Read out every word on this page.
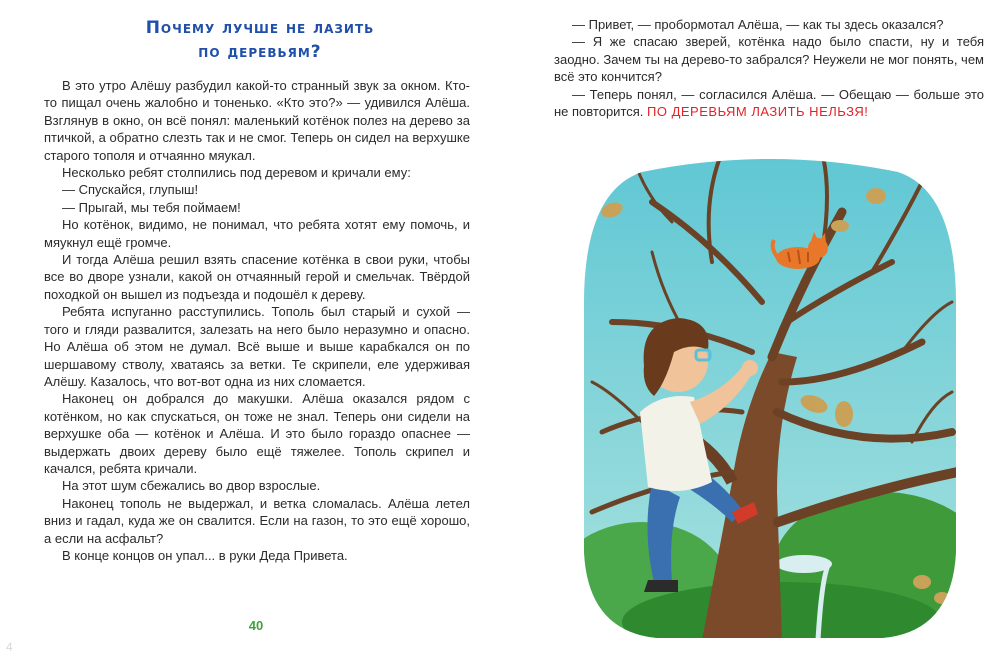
Почему лучше не лазить
по деревьям?

В это утро Алёшу разбудил какой-то странный звук за окном. Кто-то пищал очень жалобно и тоненько. «Кто это?» — удивился Алёша. Взглянув в окно, он всё понял: маленький котёнок полез на дерево за птичкой, а обратно слезть так и не смог. Теперь он сидел на верхушке старого тополя и отчаянно мяукал.

Несколько ребят столпились под деревом и кричали ему:

— Спускайся, глупыш!

— Прыгай, мы тебя поймаем!

Но котёнок, видимо, не понимал, что ребята хотят ему помочь, и мяукнул ещё громче.

И тогда Алёша решил взять спасение котёнка в свои руки, чтобы все во дворе узнали, какой он отчаянный герой и смельчак. Твёрдой походкой он вышел из подъезда и подошёл к дереву.

Ребята испуганно расступились. Тополь был старый и сухой — того и гляди развалится, залезать на него было неразумно и опасно. Но Алёша об этом не думал. Всё выше и выше карабкался он по шершавому стволу, хватаясь за ветки. Те скрипели, еле удерживая Алёшу. Казалось, что вот-вот одна из них сломается.

Наконец он добрался до макушки. Алёша оказался рядом с котёнком, но как спускаться, он тоже не знал. Теперь они сидели на верхушке оба — котёнок и Алёша. И это было гораздо опаснее — выдержать двоих дереву было ещё тяжелее. Тополь скрипел и качался, ребята кричали.

На этот шум сбежались во двор взрослые.

Наконец тополь не выдержал, и ветка сломалась. Алёша летел вниз и гадал, куда же он свалится. Если на газон, то это ещё хорошо, а если на асфальт?

В конце концов он упал... в руки Деда Привета.

40
4

— Привет, — пробормотал Алёша, — как ты здесь оказался?

— Я же спасаю зверей, котёнка надо было спасти, ну и тебя заодно. Зачем ты на дерево-то забрался? Неужели не мог понять, чем всё это кончится?

— Теперь понял, — согласился Алёша. — Обещаю — больше это не повторится. ПО ДЕРЕВЬЯМ ЛАЗИТЬ НЕЛЬЗЯ!
